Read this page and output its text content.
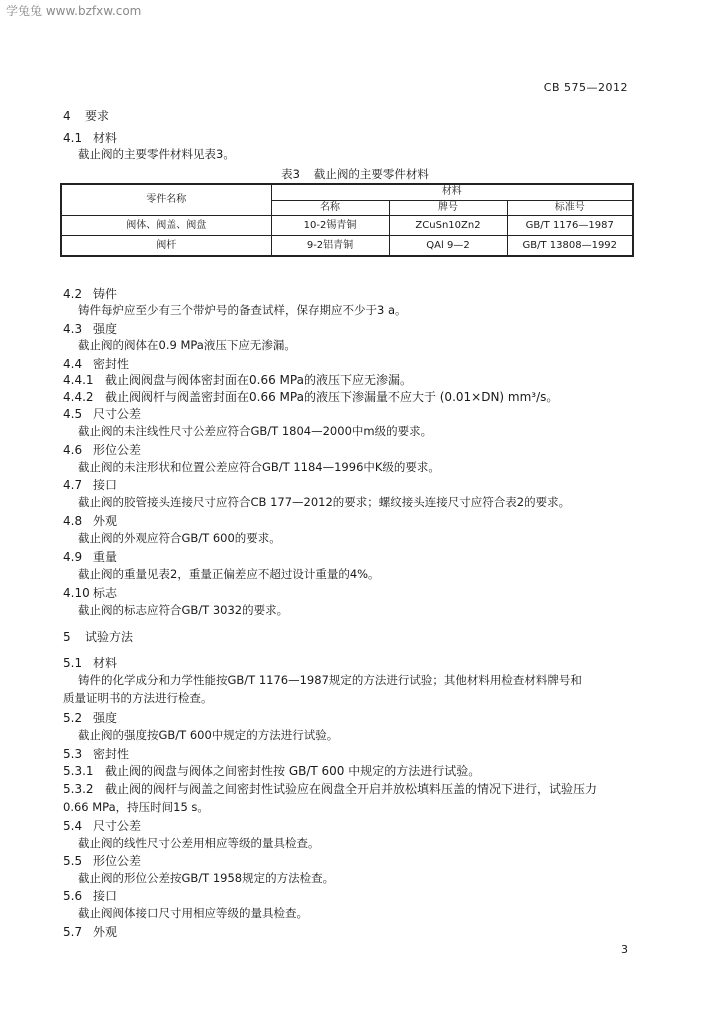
学兔兔 www.bzfxw.com
CB 575—2012
4 要求
4.1 材料
截止阀的主要零件材料见表3。
表3 截止阀的主要零件材料
零件名称	材料		
	名称	牌号	标准号
阀体、阀盖、阀盘	10-2锡青铜	ZCuSn10Zn2	GB/T 1176—1987
阀杆	9-2铝青铜	QAl 9—2	GB/T 13808—1992
4.2 铸件
铸件每炉应至少有三个带炉号的备查试样，保存期应不少于3 a。
4.3 强度
截止阀的阀体在0.9 MPa液压下应无渗漏。
4.4 密封性
4.4.1 截止阀阀盘与阀体密封面在0.66 MPa的液压下应无渗漏。
4.4.2 截止阀阀杆与阀盖密封面在0.66 MPa的液压下渗漏量不应大于 (0.01×DN) mm³/s。
4.5 尺寸公差
截止阀的未注线性尺寸公差应符合GB/T 1804—2000中m级的要求。
4.6 形位公差
截止阀的未注形状和位置公差应符合GB/T 1184—1996中K级的要求。
4.7 接口
截止阀的胶管接头连接尺寸应符合CB 177—2012的要求；螺纹接头连接尺寸应符合表2的要求。
4.8 外观
截止阀的外观应符合GB/T 600的要求。
4.9 重量
截止阀的重量见表2，重量正偏差应不超过设计重量的4%。
4.10 标志
截止阀的标志应符合GB/T 3032的要求。
5 试验方法
5.1 材料
铸件的化学成分和力学性能按GB/T 1176—1987规定的方法进行试验；其他材料用检查材料牌号和
质量证明书的方法进行检查。
5.2 强度
截止阀的强度按GB/T 600中规定的方法进行试验。
5.3 密封性
5.3.1 截止阀的阀盘与阀体之间密封性按 GB/T 600 中规定的方法进行试验。
5.3.2 截止阀的阀杆与阀盖之间密封性试验应在阀盘全开启并放松填料压盖的情况下进行，试验压力
0.66 MPa，持压时间15 s。
5.4 尺寸公差
截止阀的线性尺寸公差用相应等级的量具检查。
5.5 形位公差
截止阀的形位公差按GB/T 1958规定的方法检查。
5.6 接口
截止阀阀体接口尺寸用相应等级的量具检查。
5.7 外观
3
